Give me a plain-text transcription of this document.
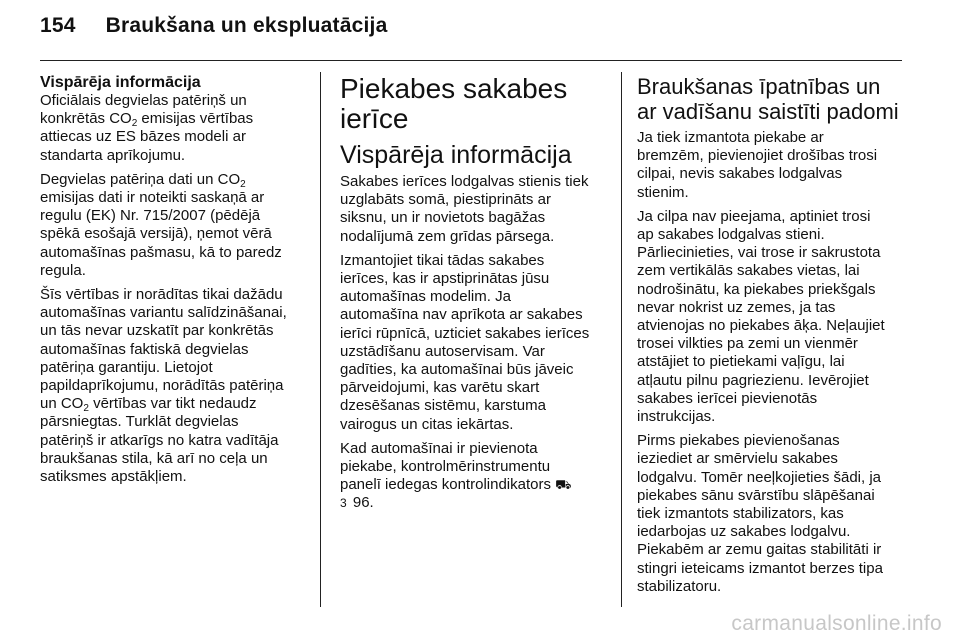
154 Braukšana un ekspluatācija

Vispārēja informācija

Oficiālais degvielas patēriņš un
konkrētās $CO_2$ emisijas vērtības
attiecas uz ES bāzes modeli ar
standarta aprīkojumu.

Degvielas patēriņa dati un $CO_2$
emisijas dati ir noteikti saskaņā ar
regulu (EK) Nr. 715/2007 (pēdējā
spēkā esošajā versijā), ņemot vērā
automašīnas pašmasu, kā to paredz
regula.

Šīs vērtības ir norādītas tikai dažādu
automašīnas variantu salīdzināšanai,
un tās nevar uzskatīt par konkrētās
automašīnas faktiskā degvielas
patēriņa garantiju. Lietojot
papildaprīkojumu, norādītās patēriņa
un $CO_2$ vērtības var tikt nedaudz
pārsniegtas. Turklāt degvielas
patēriņš ir atkarīgs no katra vadītāja
braukšanas stila, kā arī no ceļa un
satiksmes apstākļiem.

Piekabes sakabes
ierīce

Vispārēja informācija

Sakabes ierīces lodgalvas stienis tiek
uzglabāts somā, piestiprināts ar
siksnu, un ir novietots bagāžas
nodalījumā zem grīdas pārsega.

Izmantojiet tikai tādas sakabes
ierīces, kas ir apstiprinātas jūsu
automašīnas modelim. Ja
automašīna nav aprīkota ar sakabes
ierīci rūpnīcā, uzticiet sakabes ierīces
uzstādīšanu autoservisam. Var
gadīties, ka automašīnai būs jāveic
pārveidojumi, kas varētu skart
dzesēšanas sistēmu, karstuma
vairogus un citas iekārtas.

Kad automašīnai ir pievienota
piekabe, kontrolmērinstrumentu
panelī iedegas kontrolindikators ⛟
3 96.

Braukšanas īpatnības un
ar vadīšanu saistīti padomi

Ja tiek izmantota piekabe ar
bremzēm, pievienojiet drošības trosi
cilpai, nevis sakabes lodgalvas
stienim.

Ja cilpa nav pieejama, aptiniet trosi
ap sakabes lodgalvas stieni.
Pārliecinieties, vai trose ir sakrustota
zem vertikālās sakabes vietas, lai
nodrošinātu, ka piekabes priekšgals
nevar nokrist uz zemes, ja tas
atvienojas no piekabes āķa. Neļaujiet
trosei vilkties pa zemi un vienmēr
atstājiet to pietiekami vaļīgu, lai
atļautu pilnu pagriezienu. Ievērojiet
sakabes ierīcei pievienotās
instrukcijas.

Pirms piekabes pievienošanas
ieziediet ar smērvielu sakabes
lodgalvu. Tomēr neeļkojieties šādi, ja
piekabes sānu svārstību slāpēšanai
tiek izmantots stabilizators, kas
iedarbojas uz sakabes lodgalvu.
Piekabēm ar zemu gaitas stabilitāti ir
stingri ieteicams izmantot berzes tipa
stabilizatoru.

carmanualsonline.info
